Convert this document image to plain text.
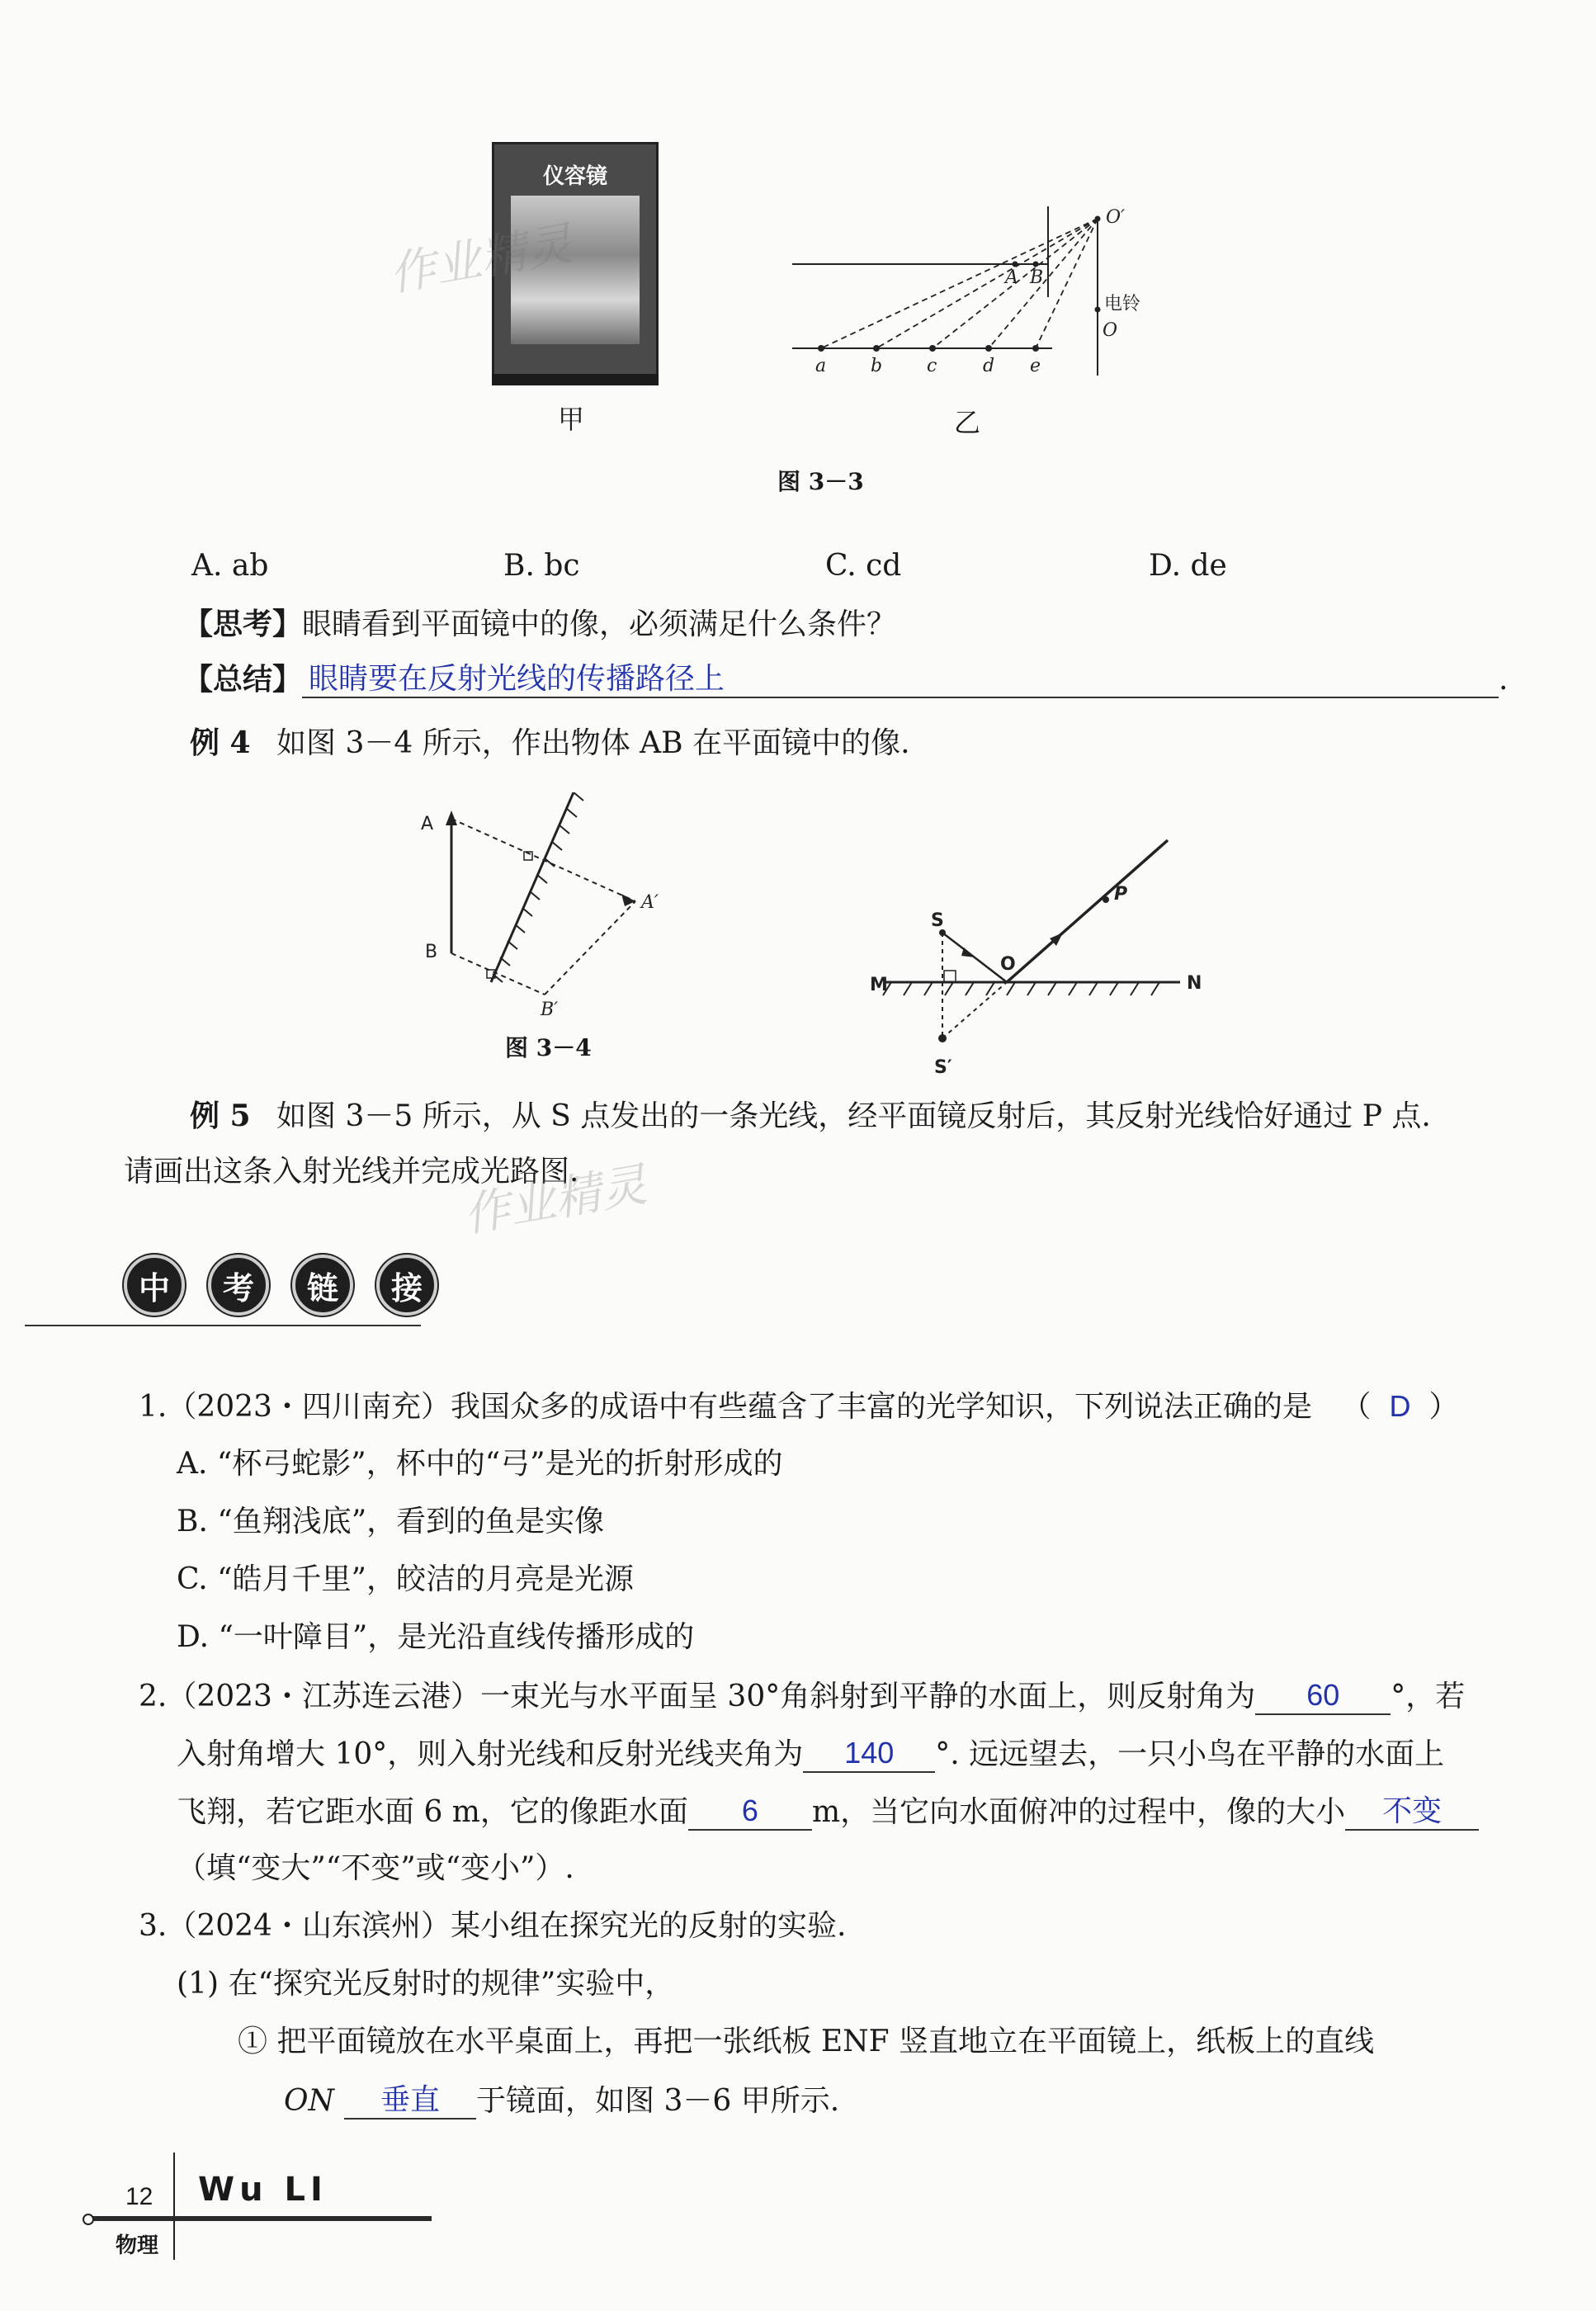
仪容镜
作业精灵
甲
a b c	d e
A B
O′
O
电铃
乙
图 3－3
A. ab	B. bc	C. cd	D. de
【思考】眼睛看到平面镜中的像，必须满足什么条件？
【总结】 眼睛要在反射光线的传播路径上	.
例 4 如图 3－4 所示，作出物体 AB 在平面镜中的像.
A
B
A′
B′
图 3－4
S
O
P
M	N
S′
例 5 如图 3－5 所示，从 S 点发出的一条光线，经平面镜反射后，其反射光线恰好通过 P 点.
请画出这条入射光线并完成光路图.
作业精灵
中	考	链	接
1.（2023・四川南充）我国众多的成语中有些蕴含了丰富的光学知识，下列说法正确的是 （ D ）
A. “杯弓蛇影”，杯中的“弓”是光的折射形成的
B. “鱼翔浅底”，看到的鱼是实像
C. “皓月千里”，皎洁的月亮是光源
D. “一叶障目”，是光沿直线传播形成的
2.（2023・江苏连云港）一束光与水平面呈 30°角斜射到平静的水面上，则反射角为 60 °，若
入射角增大 10°，则入射光线和反射光线夹角为 140 °. 远远望去，一只小鸟在平静的水面上
飞翔，若它距水面 6 m，它的像距水面 6 m，当它向水面俯冲的过程中，像的大小 不变
（填“变大”“不变”或“变小”）.
3.（2024・山东滨州）某小组在探究光的反射的实验.
(1) 在“探究光反射时的规律”实验中，
① 把平面镜放在水平桌面上，再把一张纸板 ENF 竖直地立在平面镜上，纸板上的直线
ON 垂直 于镜面，如图 3－6 甲所示.
12 Wu LI
物理
